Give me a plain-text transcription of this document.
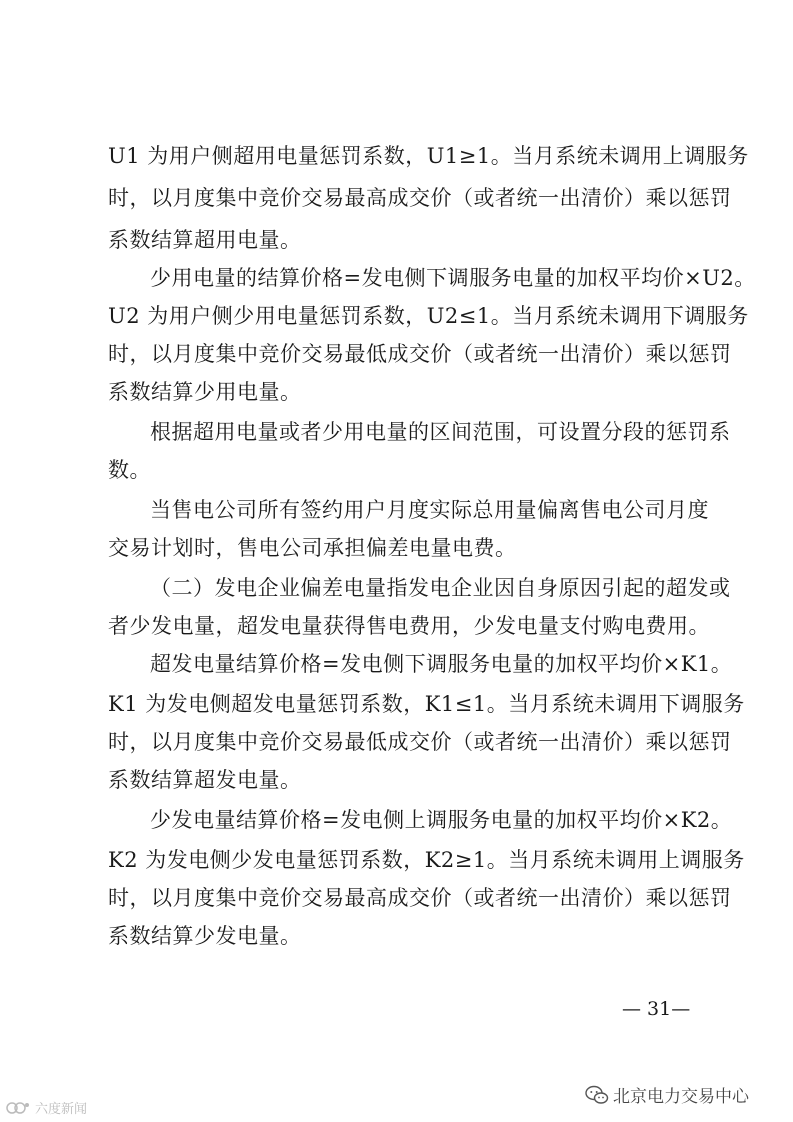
U1 为用户侧超用电量惩罚系数，U1≥1。当月系统未调用上调服务
时，以月度集中竞价交易最高成交价（或者统一出清价）乘以惩罚
系数结算超用电量。
少用电量的结算价格=发电侧下调服务电量的加权平均价×U2。
U2 为用户侧少用电量惩罚系数，U2≤1。当月系统未调用下调服务
时，以月度集中竞价交易最低成交价（或者统一出清价）乘以惩罚
系数结算少用电量。
根据超用电量或者少用电量的区间范围，可设置分段的惩罚系
数。
当售电公司所有签约用户月度实际总用量偏离售电公司月度
交易计划时，售电公司承担偏差电量电费。
（二）发电企业偏差电量指发电企业因自身原因引起的超发或
者少发电量，超发电量获得售电费用，少发电量支付购电费用。
超发电量结算价格=发电侧下调服务电量的加权平均价×K1。
K1 为发电侧超发电量惩罚系数，K1≤1。当月系统未调用下调服务
时，以月度集中竞价交易最低成交价（或者统一出清价）乘以惩罚
系数结算超发电量。
少发电量结算价格=发电侧上调服务电量的加权平均价×K2。
K2 为发电侧少发电量惩罚系数，K2≥1。当月系统未调用上调服务
时，以月度集中竞价交易最高成交价（或者统一出清价）乘以惩罚
系数结算少发电量。
— 31—
北京电力交易中心
六度新闻
